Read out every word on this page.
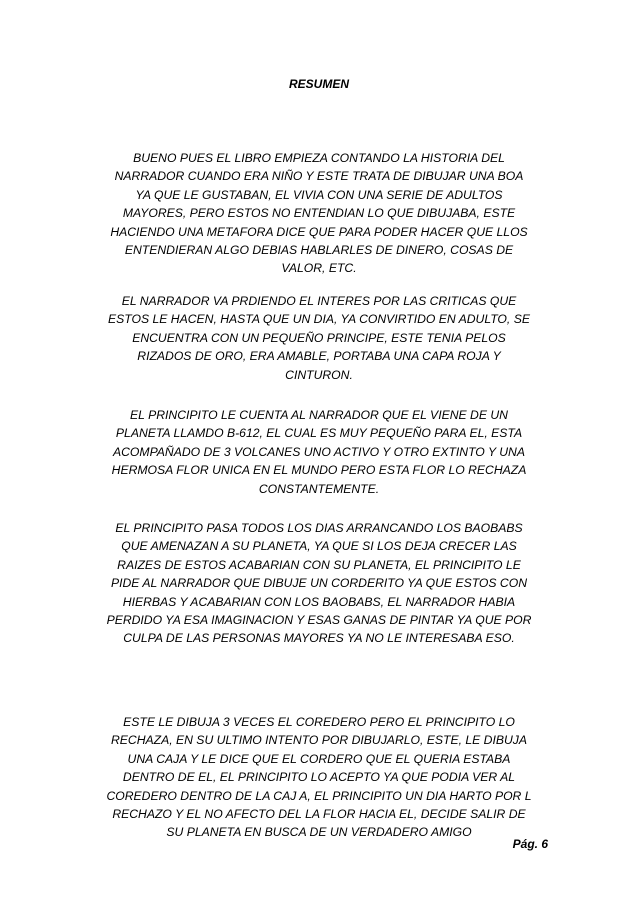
RESUMEN
BUENO PUES EL LIBRO EMPIEZA CONTANDO LA HISTORIA DEL
NARRADOR CUANDO ERA NIÑO Y ESTE TRATA DE DIBUJAR UNA BOA
YA QUE LE GUSTABAN, EL VIVIA CON UNA SERIE DE ADULTOS
MAYORES, PERO ESTOS NO ENTENDIAN LO QUE DIBUJABA, ESTE
HACIENDO UNA METAFORA DICE QUE PARA PODER HACER QUE LLOS
ENTENDIERAN ALGO DEBIAS HABLARLES DE DINERO, COSAS DE
VALOR, ETC.
EL NARRADOR VA PRDIENDO EL INTERES POR LAS CRITICAS QUE
ESTOS LE HACEN, HASTA QUE UN DIA, YA CONVIRTIDO EN ADULTO, SE
ENCUENTRA CON UN PEQUEÑO PRINCIPE, ESTE TENIA PELOS
RIZADOS DE ORO, ERA AMABLE, PORTABA UNA CAPA ROJA Y
CINTURON.
EL PRINCIPITO LE CUENTA AL NARRADOR QUE EL VIENE DE UN
PLANETA LLAMDO B-612, EL CUAL ES MUY PEQUEÑO PARA EL, ESTA
ACOMPAÑADO DE 3 VOLCANES UNO ACTIVO Y OTRO EXTINTO Y UNA
HERMOSA FLOR UNICA EN EL MUNDO PERO ESTA FLOR LO RECHAZA
CONSTANTEMENTE.
EL PRINCIPITO PASA TODOS LOS DIAS ARRANCANDO LOS BAOBABS
QUE AMENAZAN A SU PLANETA, YA QUE SI LOS DEJA CRECER LAS
RAIZES DE ESTOS ACABARIAN CON SU PLANETA, EL PRINCIPITO LE
PIDE AL NARRADOR QUE DIBUJE UN CORDERITO YA QUE ESTOS CON
HIERBAS Y ACABARIAN CON LOS BAOBABS, EL NARRADOR HABIA
PERDIDO YA ESA IMAGINACION Y ESAS GANAS DE PINTAR YA QUE POR
CULPA DE LAS PERSONAS MAYORES YA NO LE INTERESABA ESO.
ESTE LE DIBUJA 3 VECES EL COREDERO PERO EL PRINCIPITO LO
RECHAZA, EN SU ULTIMO INTENTO POR DIBUJARLO, ESTE, LE DIBUJA
UNA CAJA Y LE DICE QUE EL CORDERO QUE EL QUERIA ESTABA
DENTRO DE EL, EL PRINCIPITO LO ACEPTO YA QUE PODIA VER AL
COREDERO DENTRO DE LA CAJ A, EL PRINCIPITO UN DIA HARTO POR L
RECHAZO Y EL NO AFECTO DEL LA FLOR HACIA EL, DECIDE SALIR DE
SU PLANETA EN BUSCA DE UN VERDADERO AMIGO
Pág. 6
